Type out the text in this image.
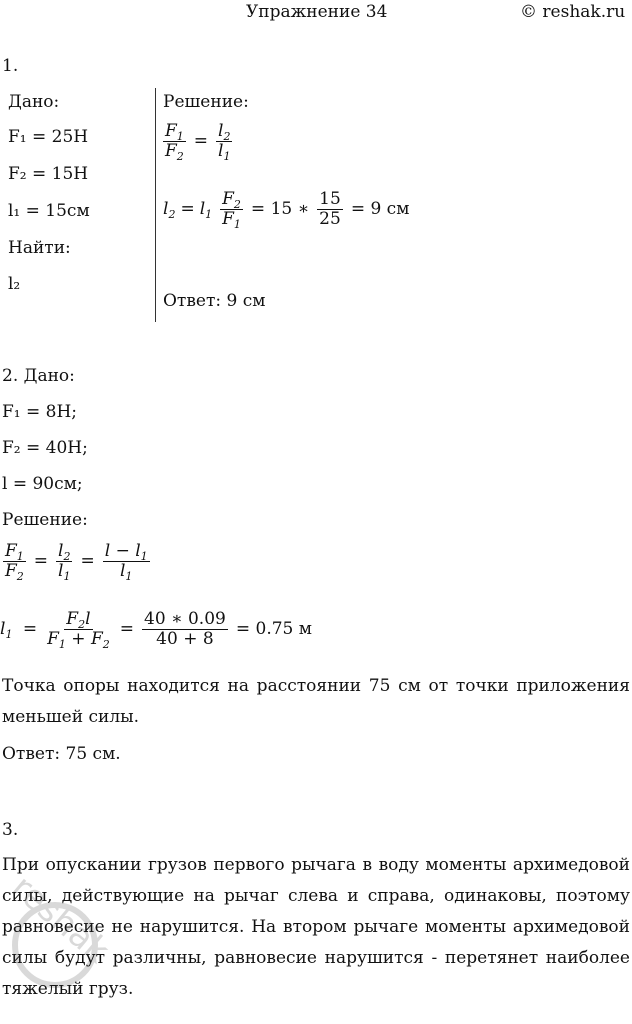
Упражнение 34	© reshak.ru
1.
Дано:
F₁ = 25H
F₂ = 15H
l₁ = 15см
Найти:
l₂
Решение:
$\frac{F_1}{F_2} = \frac{l_2}{l_1}$
$l_2 = l_1 \frac{F_2}{F_1} = 15$ ∗ $\frac{15}{25} = 9$ см
Ответ: 9 см
2. Дано:
F₁ = 8H;
F₂ = 40H;
l = 90см;
Решение:
$\frac{F_1}{F_2} = \frac{l_2}{l_1} = \frac{l - l_1}{l_1}$
$l_1 = \frac{F_2l}{F_1 + F_2} = \frac{40 ∗ 0.09}{40 + 8} = 0.75$ м
Точка опоры находится на расстоянии 75 см от точки приложения меньшей силы.
Ответ: 75 см.
3.
При опускании грузов первого рычага в воду моменты архимедовой силы, действующие на рычаг слева и справа, одинаковы, поэтому равновесие не нарушится. На втором рычаге моменты архимедовой силы будут различны, равновесие нарушится - перетянет наиболее тяжелый груз.
reshak
